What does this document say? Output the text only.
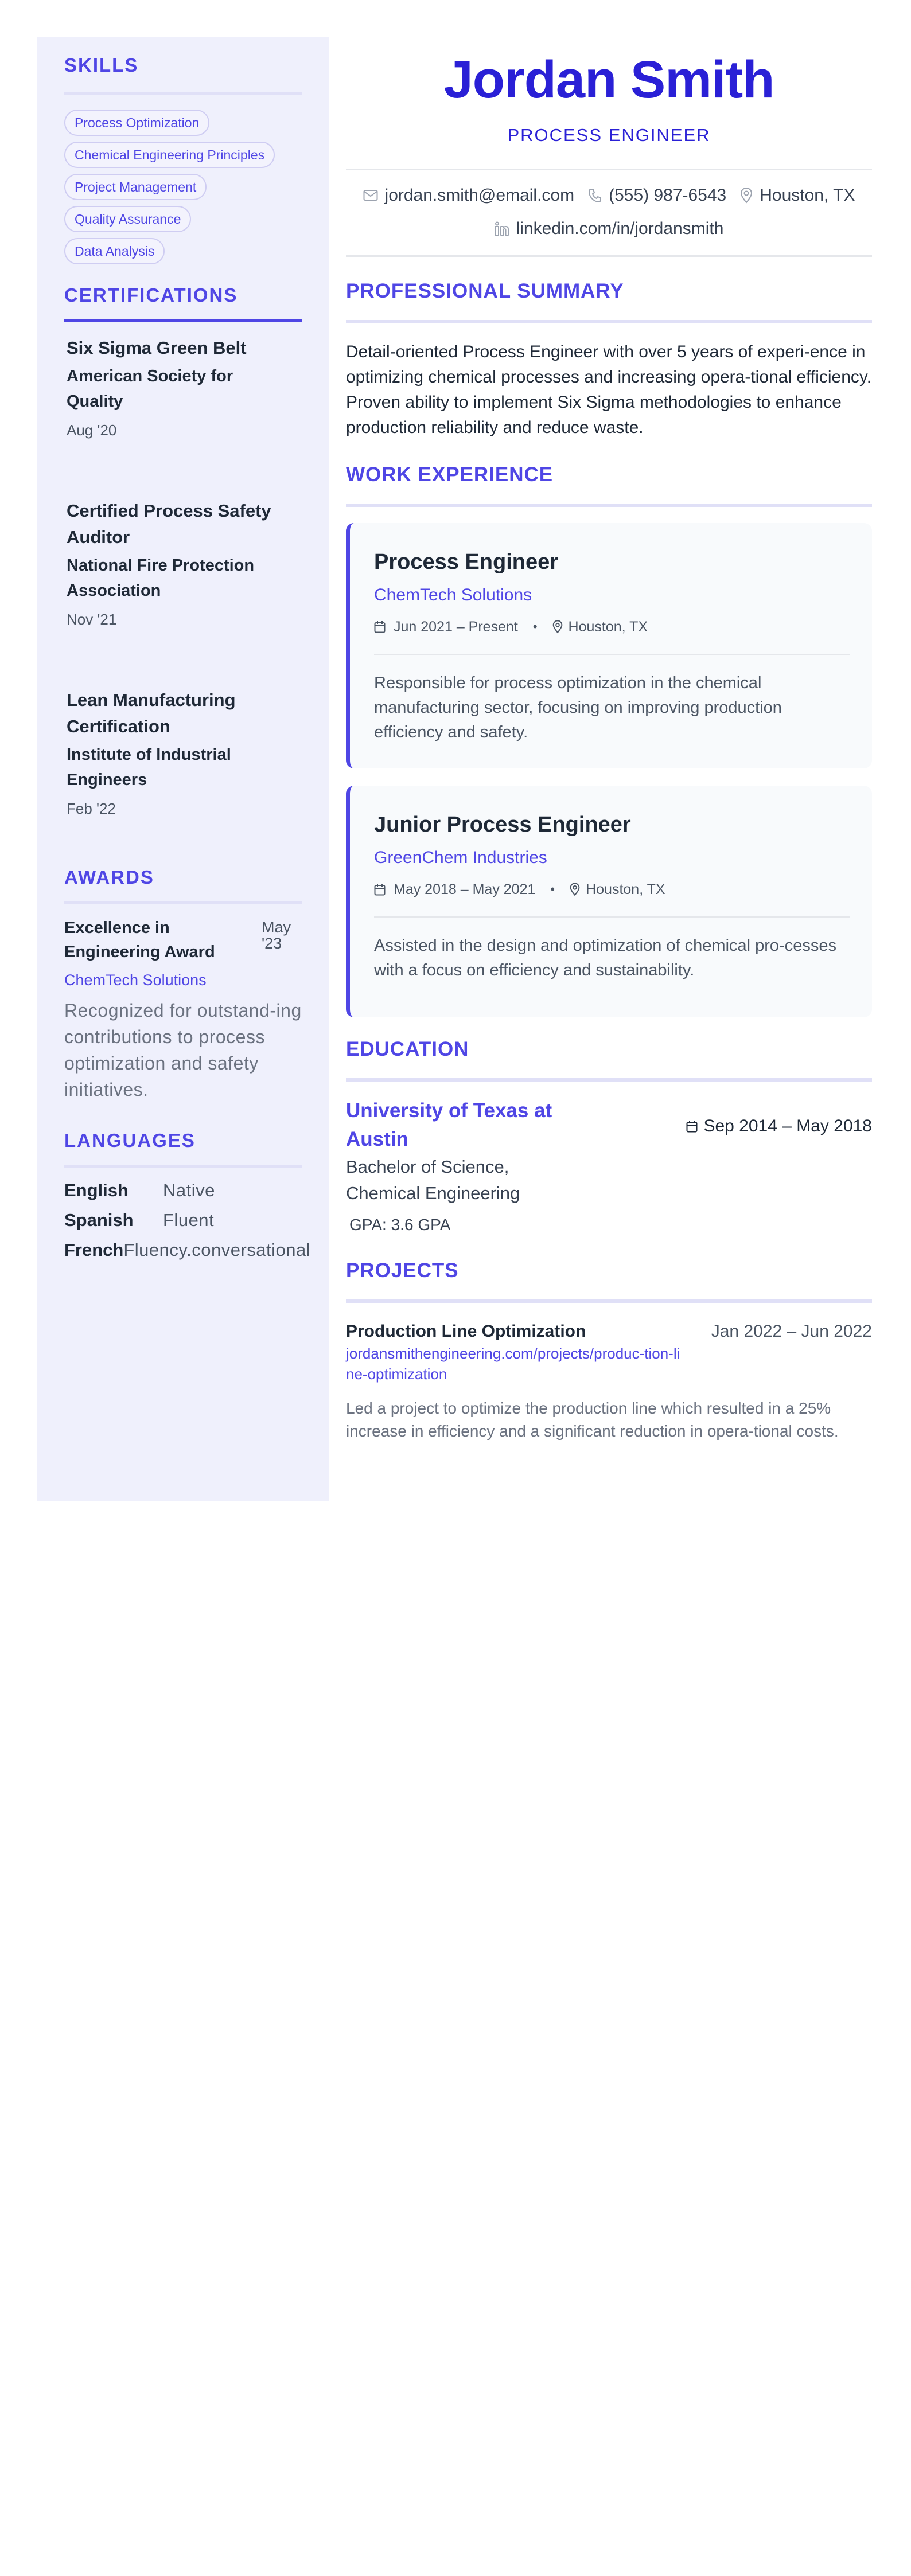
SKILLS
Process Optimization
Chemical Engineering Principles
Project Management
Quality Assurance
Data Analysis
CERTIFICATIONS
Six Sigma Green Belt
American Society for Quality
Aug '20
Certified Process Safety Auditor
National Fire Protection Association
Nov '21
Lean Manufacturing Certification
Institute of Industrial Engineers
Feb '22
AWARDS
Excellence in Engineering Award
May '23
ChemTech Solutions
Recognized for outstand-ing contributions to process optimization and safety initiatives.
LANGUAGES
English	Native
Spanish	Fluent
French Fluency.conversational
Jordan Smith
PROCESS ENGINEER
jordan.smith@email.com (555) 987-6543 Houston, TX
linkedin.com/in/jordansmith
PROFESSIONAL SUMMARY

Detail-oriented Process Engineer with over 5 years of experi-ence in optimizing chemical processes and increasing opera-tional efficiency. Proven ability to implement Six Sigma methodologies to enhance production reliability and reduce waste.

WORK EXPERIENCE
Process Engineer
ChemTech Solutions
Jun 2021 – Present • Houston, TX

Responsible for process optimization in the chemical manufacturing sector, focusing on improving production efficiency and safety.

Junior Process Engineer
GreenChem Industries
May 2018 – May 2021 • Houston, TX

Assisted in the design and optimization of chemical pro-cesses with a focus on efficiency and sustainability.

EDUCATION
University of Texas at Austin
Sep 2014 – May 2018
Bachelor of Science, Chemical Engineering
GPA: 3.6 GPA
PROJECTS
Production Line Optimization	Jan 2022 – Jun 2022
jordansmithengineering.com/projects/produc-tion-line-optimization

Led a project to optimize the production line which resulted in a 25% increase in efficiency and a significant reduction in opera-tional costs.
